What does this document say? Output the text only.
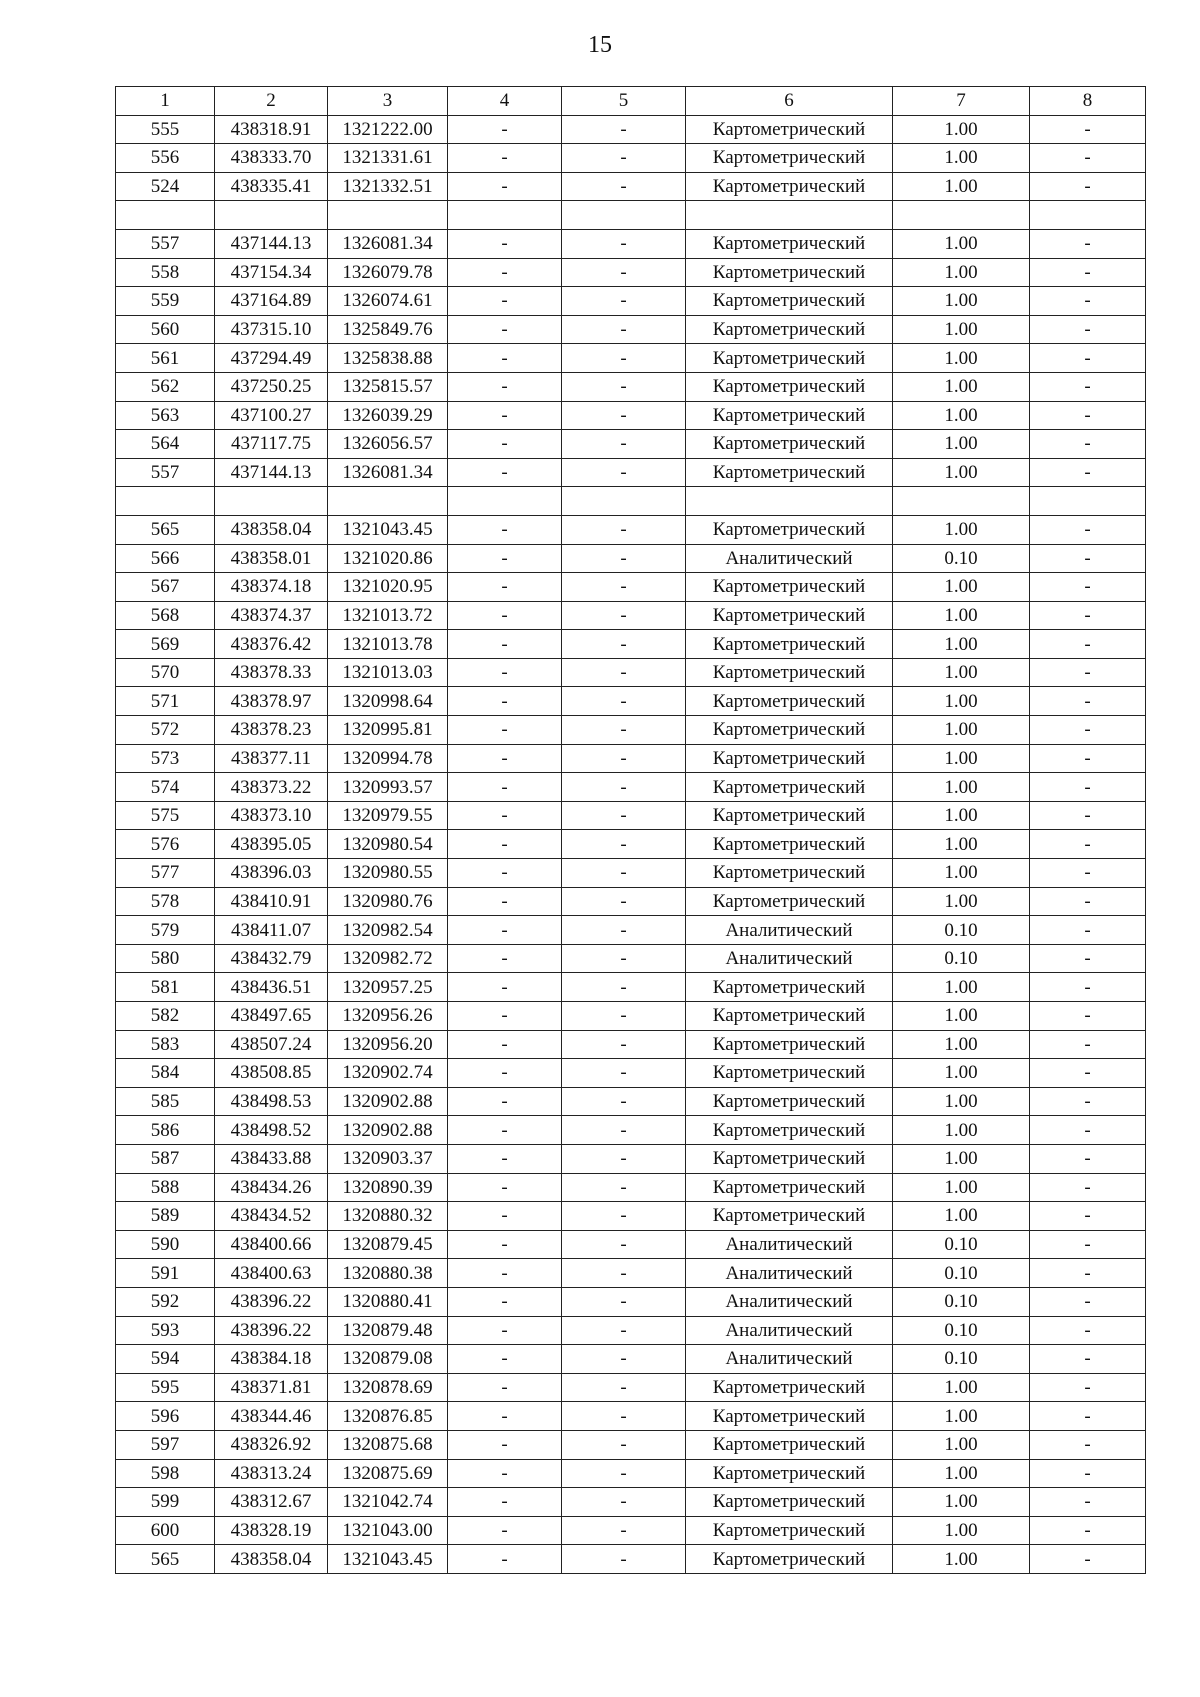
15
1	2	3	4	5	6	7	8
555	438318.91	1321222.00	-	-	Картометрический	1.00	-
556	438333.70	1321331.61	-	-	Картометрический	1.00	-
524	438335.41	1321332.51	-	-	Картометрический	1.00	-

557	437144.13	1326081.34	-	-	Картометрический	1.00	-
558	437154.34	1326079.78	-	-	Картометрический	1.00	-
559	437164.89	1326074.61	-	-	Картометрический	1.00	-
560	437315.10	1325849.76	-	-	Картометрический	1.00	-
561	437294.49	1325838.88	-	-	Картометрический	1.00	-
562	437250.25	1325815.57	-	-	Картометрический	1.00	-
563	437100.27	1326039.29	-	-	Картометрический	1.00	-
564	437117.75	1326056.57	-	-	Картометрический	1.00	-
557	437144.13	1326081.34	-	-	Картометрический	1.00	-

565	438358.04	1321043.45	-	-	Картометрический	1.00	-
566	438358.01	1321020.86	-	-	Аналитический	0.10	-
567	438374.18	1321020.95	-	-	Картометрический	1.00	-
568	438374.37	1321013.72	-	-	Картометрический	1.00	-
569	438376.42	1321013.78	-	-	Картометрический	1.00	-
570	438378.33	1321013.03	-	-	Картометрический	1.00	-
571	438378.97	1320998.64	-	-	Картометрический	1.00	-
572	438378.23	1320995.81	-	-	Картометрический	1.00	-
573	438377.11	1320994.78	-	-	Картометрический	1.00	-
574	438373.22	1320993.57	-	-	Картометрический	1.00	-
575	438373.10	1320979.55	-	-	Картометрический	1.00	-
576	438395.05	1320980.54	-	-	Картометрический	1.00	-
577	438396.03	1320980.55	-	-	Картометрический	1.00	-
578	438410.91	1320980.76	-	-	Картометрический	1.00	-
579	438411.07	1320982.54	-	-	Аналитический	0.10	-
580	438432.79	1320982.72	-	-	Аналитический	0.10	-
581	438436.51	1320957.25	-	-	Картометрический	1.00	-
582	438497.65	1320956.26	-	-	Картометрический	1.00	-
583	438507.24	1320956.20	-	-	Картометрический	1.00	-
584	438508.85	1320902.74	-	-	Картометрический	1.00	-
585	438498.53	1320902.88	-	-	Картометрический	1.00	-
586	438498.52	1320902.88	-	-	Картометрический	1.00	-
587	438433.88	1320903.37	-	-	Картометрический	1.00	-
588	438434.26	1320890.39	-	-	Картометрический	1.00	-
589	438434.52	1320880.32	-	-	Картометрический	1.00	-
590	438400.66	1320879.45	-	-	Аналитический	0.10	-
591	438400.63	1320880.38	-	-	Аналитический	0.10	-
592	438396.22	1320880.41	-	-	Аналитический	0.10	-
593	438396.22	1320879.48	-	-	Аналитический	0.10	-
594	438384.18	1320879.08	-	-	Аналитический	0.10	-
595	438371.81	1320878.69	-	-	Картометрический	1.00	-
596	438344.46	1320876.85	-	-	Картометрический	1.00	-
597	438326.92	1320875.68	-	-	Картометрический	1.00	-
598	438313.24	1320875.69	-	-	Картометрический	1.00	-
599	438312.67	1321042.74	-	-	Картометрический	1.00	-
600	438328.19	1321043.00	-	-	Картометрический	1.00	-
565	438358.04	1321043.45	-	-	Картометрический	1.00	-
